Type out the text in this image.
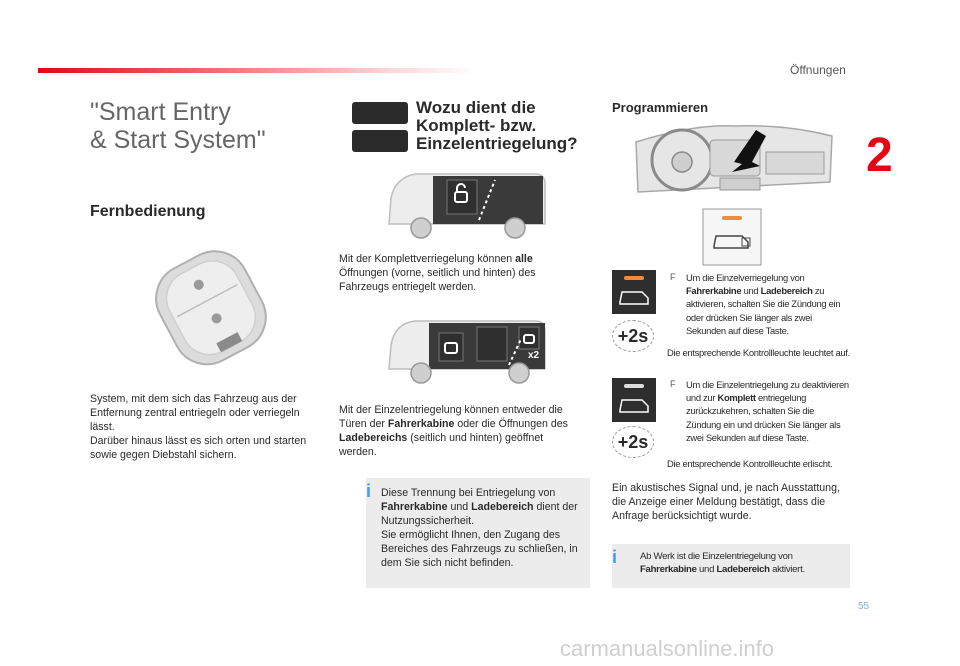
Öffnungen
2
55
"Smart Entry
& Start System"
Fernbedienung
System, mit dem sich das Fahrzeug aus der Entfernung zentral entriegeln oder verriegeln lässt.
Darüber hinaus lässt es sich orten und starten sowie gegen Diebstahl sichern.
Wozu dient die
Komplett- bzw.
Einzelentriegelung?
Mit der Komplettverriegelung können alle Öffnungen (vorne, seitlich und hinten) des Fahrzeugs entriegelt werden.
x2
Mit der Einzelentriegelung können entweder die Türen der Fahrerkabine oder die Öffnungen des Ladebereichs (seitlich und hinten) geöffnet werden.
i Diese Trennung bei Entriegelung von Fahrerkabine und Ladebereich dient der Nutzungssicherheit.
Sie ermöglicht Ihnen, den Zugang des Bereiches des Fahrzeugs zu schließen, in dem Sie sich nicht befinden.
Programmieren
+2s
F Um die Einzelverriegelung von Fahrerkabine und Ladebereich zu aktivieren, schalten Sie die Zündung ein oder drücken Sie länger als zwei Sekunden auf diese Taste.
Die entsprechende Kontrollleuchte leuchtet auf.
+2s
F Um die Einzelentriegelung zu deaktivieren und zur Komplett entriegelung zurückzukehren, schalten Sie die Zündung ein und drücken Sie länger als zwei Sekunden auf diese Taste.
Die entsprechende Kontrollleuchte erlischt.
Ein akustisches Signal und, je nach Ausstattung, die Anzeige einer Meldung bestätigt, dass die Anfrage berücksichtigt wurde.
i Ab Werk ist die Einzelentriegelung von Fahrerkabine und Ladebereich aktiviert.
carmanualsonline.info
